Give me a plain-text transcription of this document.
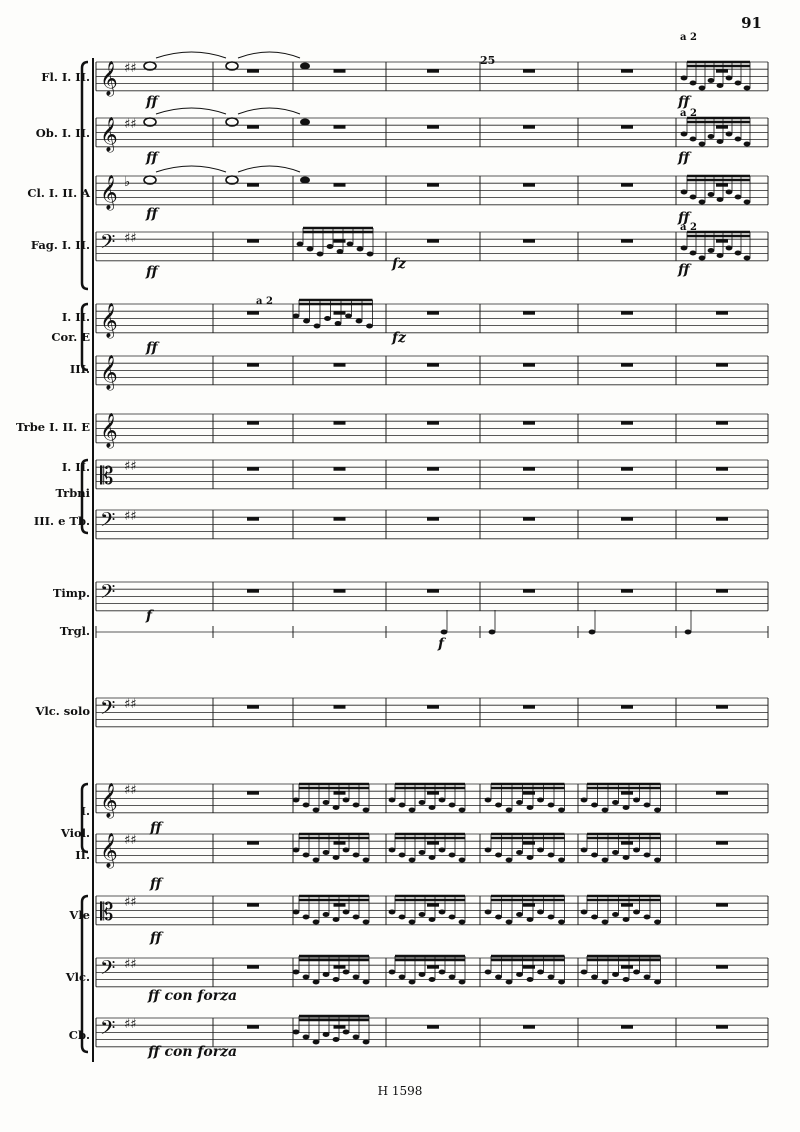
𝄞 ♯♯
𝄞 ♯♯
𝄞 ♭
𝄢 ♯♯
𝄞
𝄞
𝄞
𝄡 ♯♯
𝄢 ♯♯
𝄢
𝄢 ♯♯
𝄞 ♯♯
𝄞 ♯♯
𝄡 ♯♯
𝄢 ♯♯
𝄢 ♯♯
91
H 1598
25
Fl. I. II.
Ob. I. II.
Cl. I. II. A
Fag. I. II.
I. II.
Cor. E
III.
Trbe I. II. E
I. II.
Trbni
III. e Tb.
Timp.
Trgl.
Vlc. solo
I.
Viol.
II.
Vle
Vlc.
Cb.
ff
ff
ff
ff	fz
ff
fz
f
f
ff
ff
ff
ff
ff
ff
ff
ff con forza
ff con forza
a 2
a 2
a 2
a 2
